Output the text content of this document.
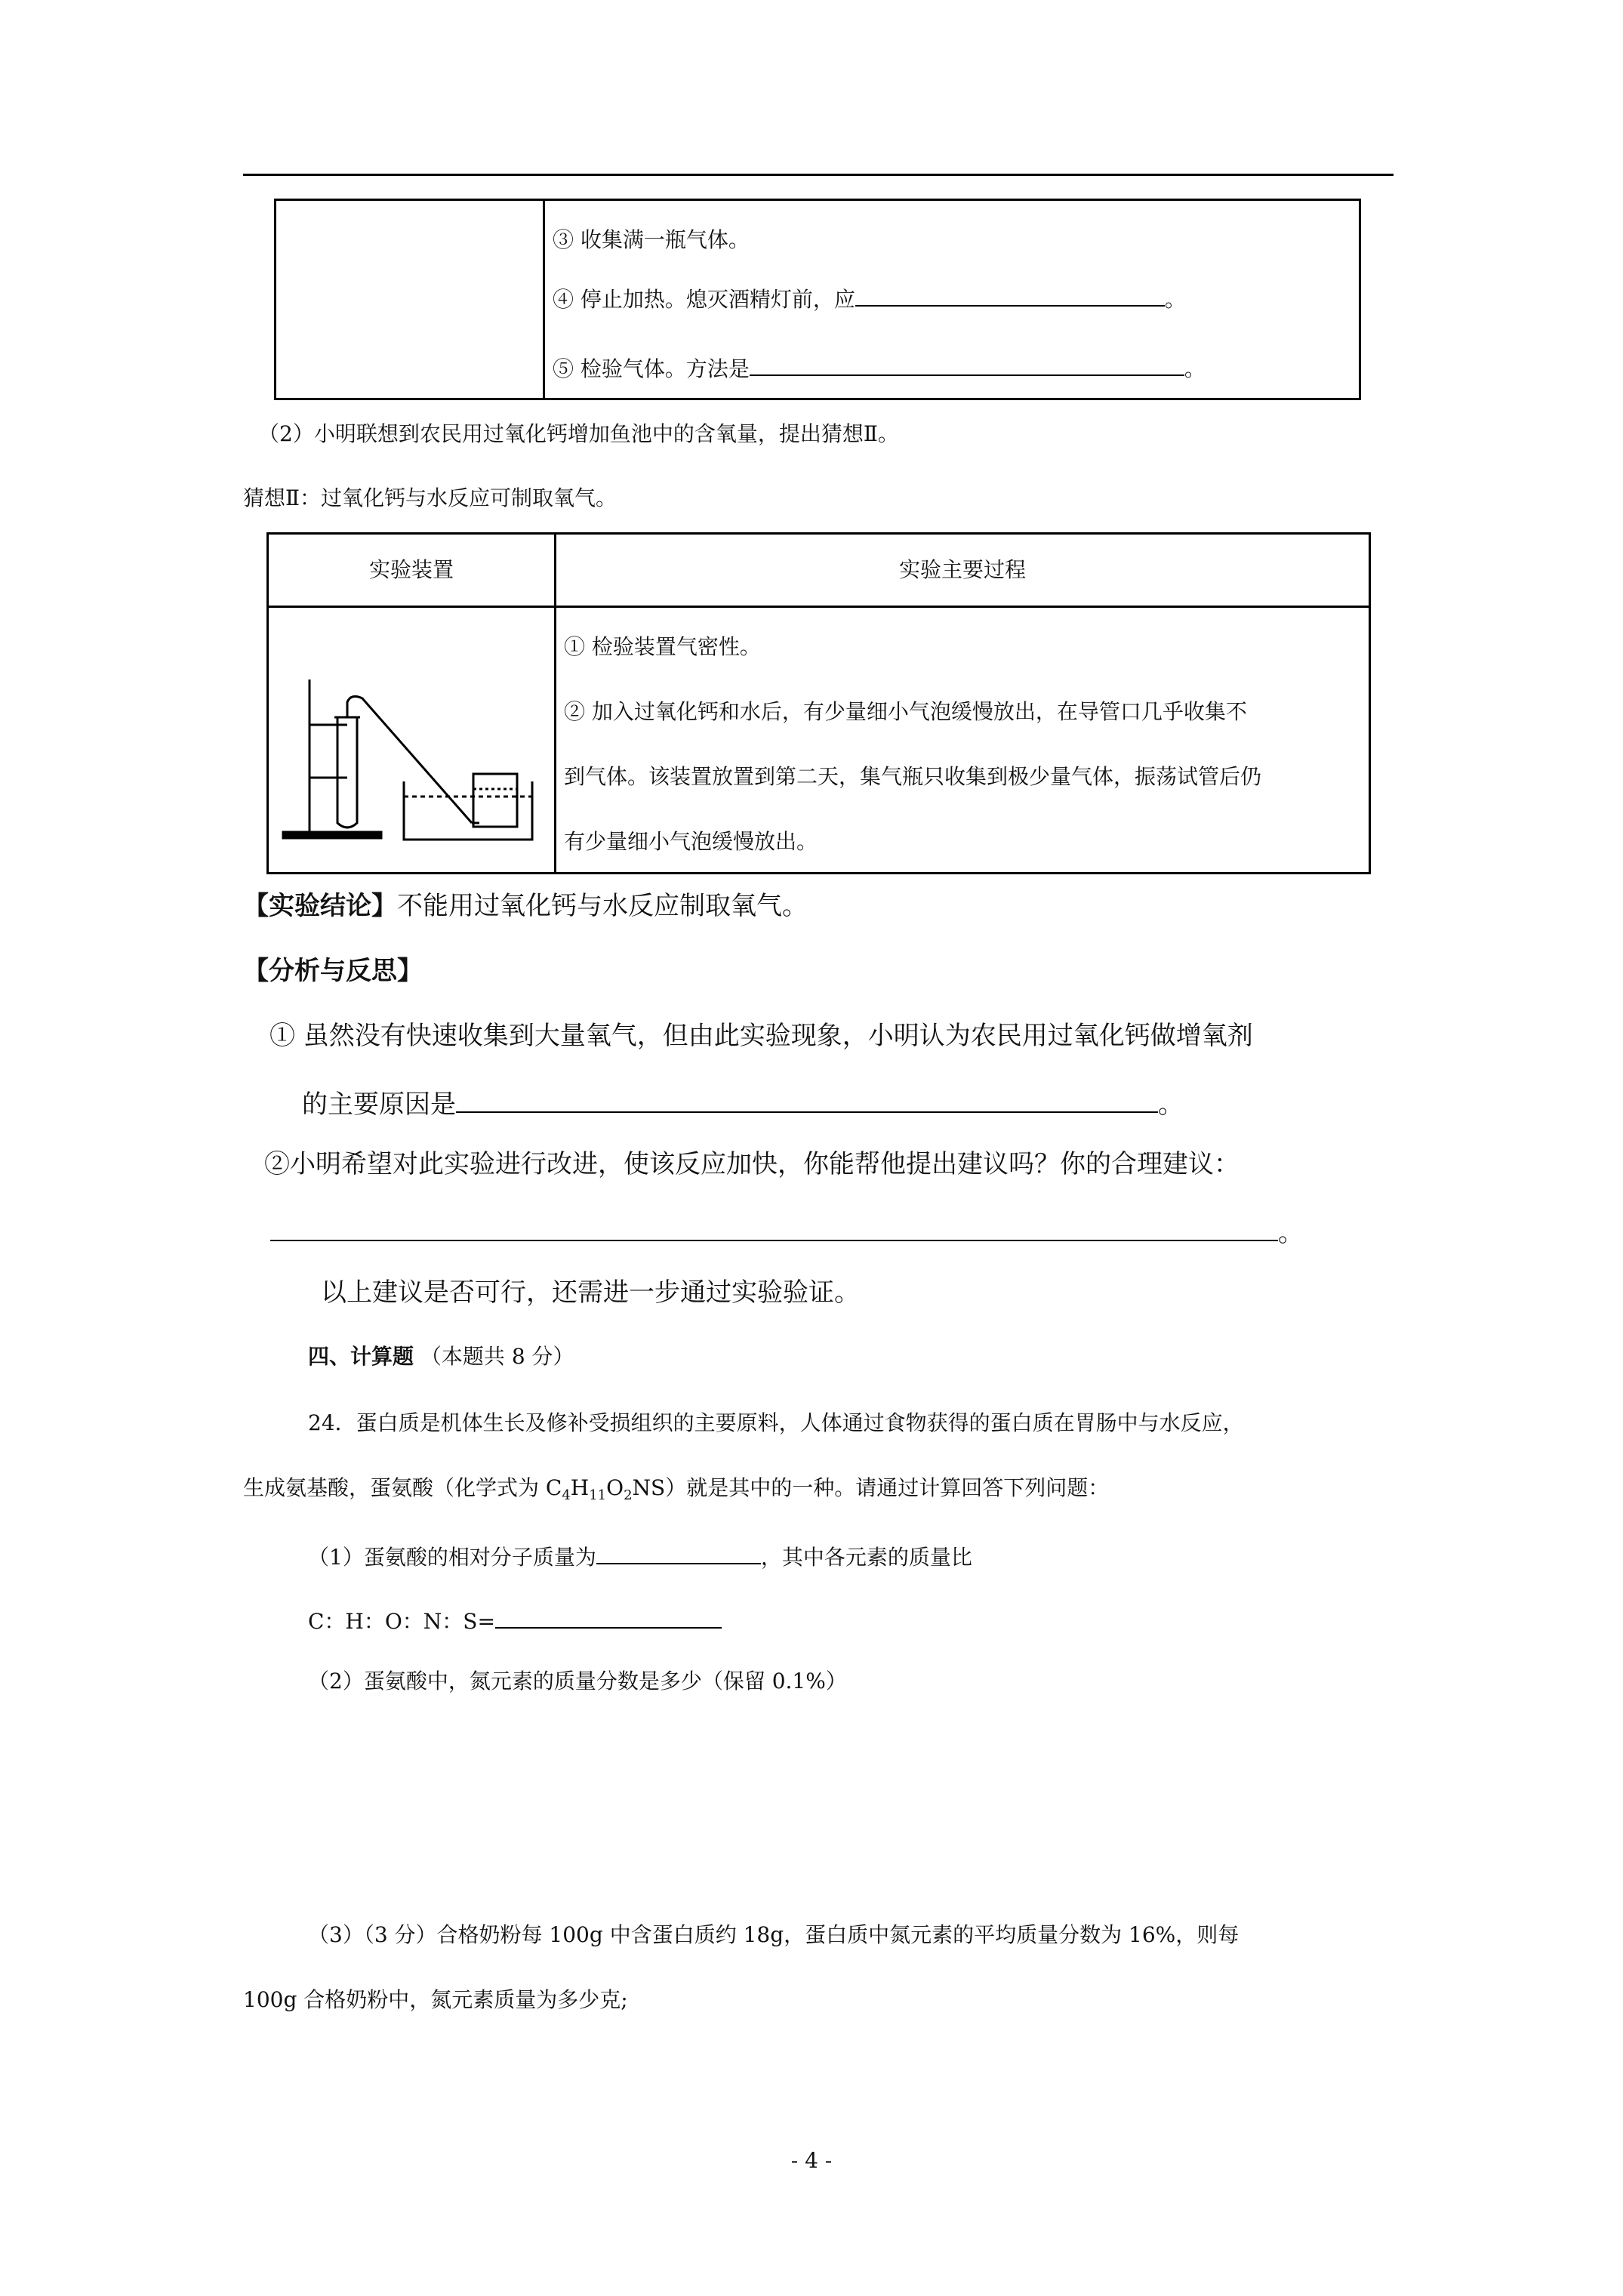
③ 收集满一瓶气体。
④ 停止加热。熄灭酒精灯前，应	。
⑤ 检验气体。方法是	。
（2）小明联想到农民用过氧化钙增加鱼池中的含氧量，提出猜想Ⅱ。
猜想Ⅱ：过氧化钙与水反应可制取氧气。
实验装置	实验主要过程

① 检验装置气密性。
② 加入过氧化钙和水后，有少量细小气泡缓慢放出，在导管口几乎收集不
到气体。该装置放置到第二天，集气瓶只收集到极少量气体，振荡试管后仍
有少量细小气泡缓慢放出。
【实验结论】不能用过氧化钙与水反应制取氧气。
【分析与反思】
① 虽然没有快速收集到大量氧气，但由此实验现象，小明认为农民用过氧化钙做增氧剂
的主要原因是	。
②小明希望对此实验进行改进，使该反应加快，你能帮他提出建议吗？你的合理建议：
。
以上建议是否可行，还需进一步通过实验验证。
四、计算题 （本题共 8 分）
24．蛋白质是机体生长及修补受损组织的主要原料，人体通过食物获得的蛋白质在胃肠中与水反应，
生成氨基酸，蛋氨酸（化学式为 $C_4H_{11}O_2NS$）就是其中的一种。请通过计算回答下列问题：
（1）蛋氨酸的相对分子质量为	，其中各元素的质量比
C：H：O：N：S=
（2）蛋氨酸中，氮元素的质量分数是多少（保留 0.1%）
（3）（3 分）合格奶粉每 100g 中含蛋白质约 18g，蛋白质中氮元素的平均质量分数为 16%，则每
100g 合格奶粉中，氮元素质量为多少克;
- 4 -
